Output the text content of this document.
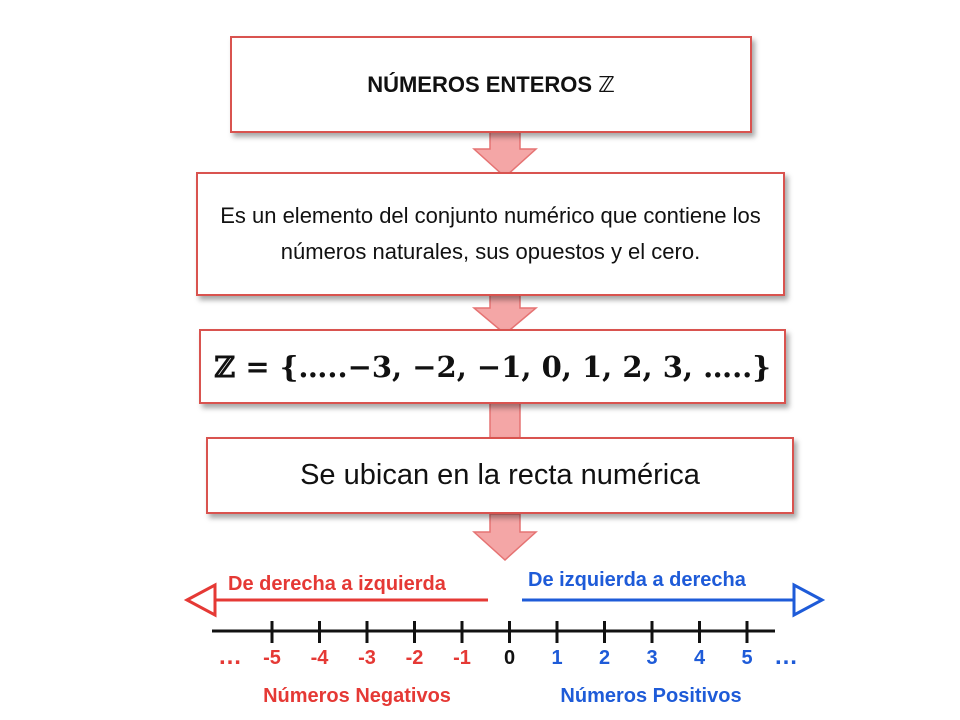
NÚMEROS ENTEROS ℤ
Es un elemento del conjunto numérico que contiene los números naturales, sus opuestos y el cero.
ℤ = {…..−3, −2, −1, 0, 1, 2, 3, …..}
Se ubican en la recta numérica
De derecha a izquierda	De izquierda a derecha
-5 -4 -3 -2 -1 0 1 2 3 4 5
…	…
Números Negativos	Números Positivos
